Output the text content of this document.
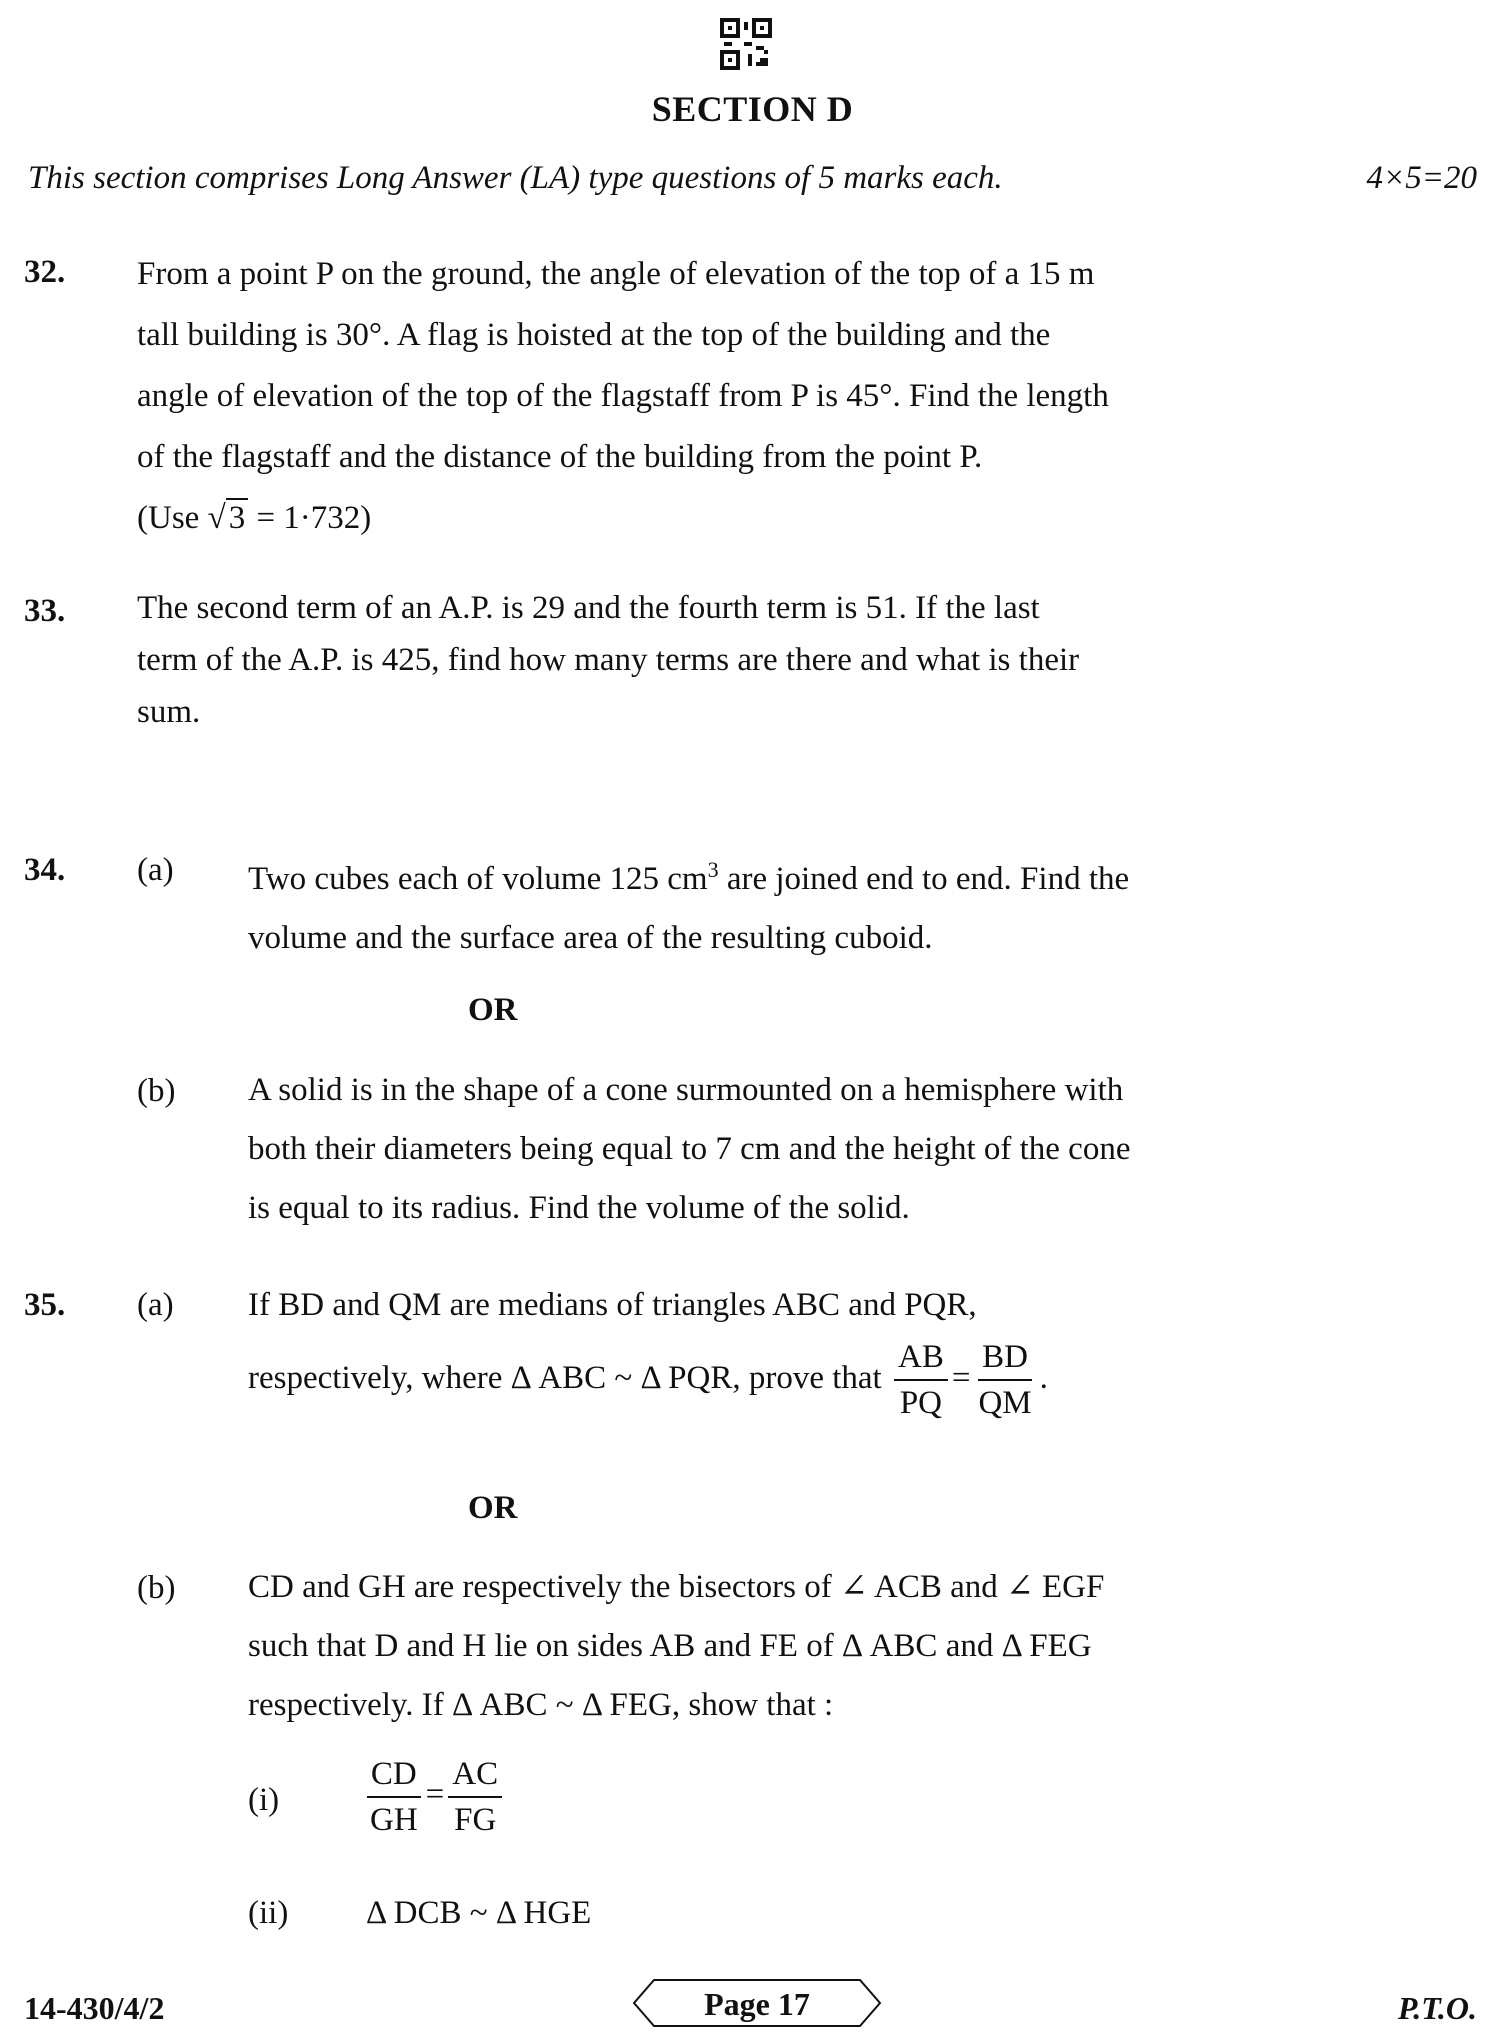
SECTION D
This section comprises Long Answer (LA) type questions of 5 marks each.	4×5=20
32. From a point P on the ground, the angle of elevation of the top of a 15 m
tall building is 30°. A flag is hoisted at the top of the building and the
angle of elevation of the top of the flagstaff from P is 45°. Find the length
of the flagstaff and the distance of the building from the point P.
(Use √3 = 1·732)
33. The second term of an A.P. is 29 and the fourth term is 51. If the last
term of the A.P. is 425, find how many terms are there and what is their
sum.
34. (a) Two cubes each of volume 125 $cm^3$ are joined end to end. Find the
volume and the surface area of the resulting cuboid.
OR
(b) A solid is in the shape of a cone surmounted on a hemisphere with
both their diameters being equal to 7 cm and the height of the cone
is equal to its radius. Find the volume of the solid.
35. (a) If BD and QM are medians of triangles ABC and PQR,
respectively, where Δ ABC ~ Δ PQR, prove that $\frac{AB}{PQ} = \frac{BD}{QM}$ .
OR
(b) CD and GH are respectively the bisectors of ∠ ACB and ∠ EGF
such that D and H lie on sides AB and FE of Δ ABC and Δ FEG
respectively. If Δ ABC ~ Δ FEG, show that :
(i)	$\frac{CD}{GH} = \frac{AC}{FG}$
(ii) Δ DCB ~ Δ HGE
14-430/4/2	Page 17	P.T.O.
